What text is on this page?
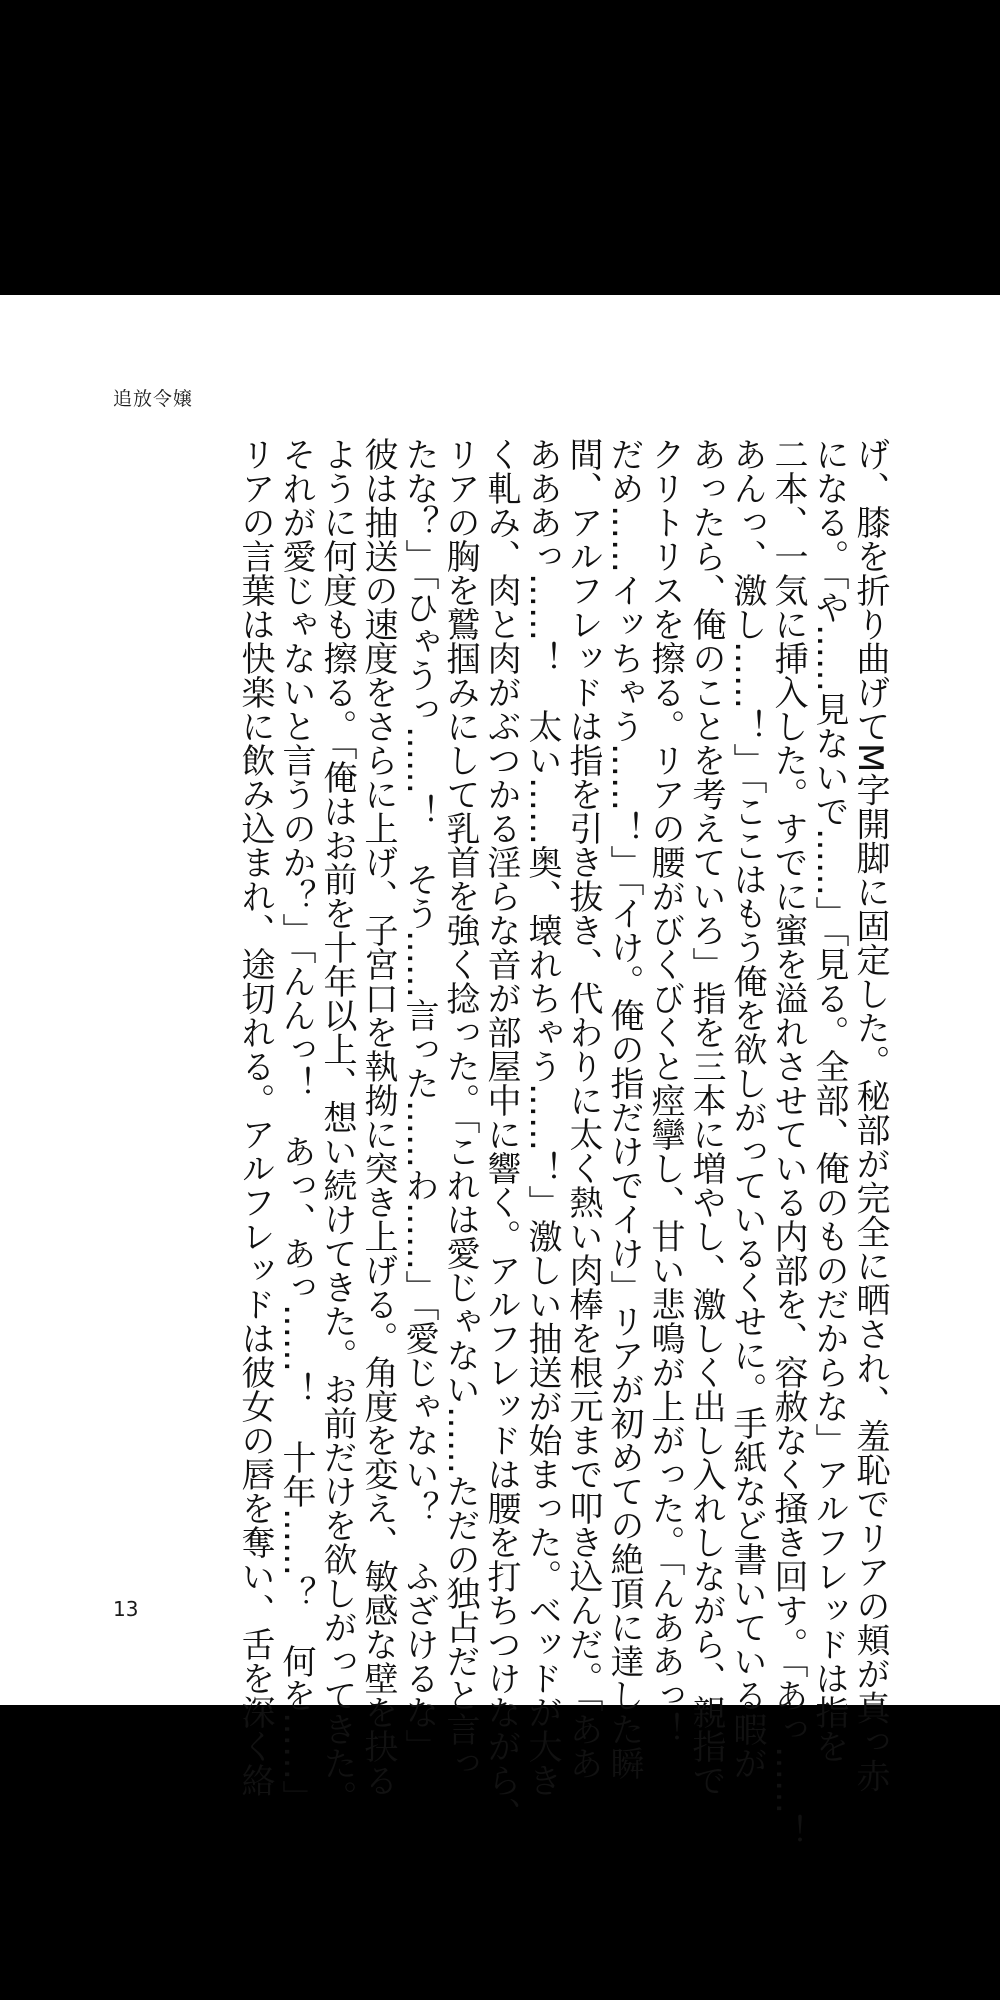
追放令嬢
げ、膝を折り曲げてM字開脚に固定した。秘部が完全に晒され、羞恥でリアの頬が真っ赤
になる。「や……見ないで……」「見る。全部、俺のものだからな」アルフレッドは指を
二本、一気に挿入した。すでに蜜を溢れさせている内部を、容赦なく掻き回す。「あっ……！
あんっ、激し……！」「ここはもう俺を欲しがっているくせに。手紙など書いている暇が
あったら、俺のことを考えていろ」指を三本に増やし、激しく出し入れしながら、親指で
クリトリスを擦る。リアの腰がびくびくと痙攣し、甘い悲鳴が上がった。「んああっ！
だめ……イッちゃう……！」「イけ。俺の指だけでイけ」リアが初めての絶頂に達した瞬
間、アルフレッドは指を引き抜き、代わりに太く熱い肉棒を根元まで叩き込んだ。「ああ
あああっ……！　太い……奥、壊れちゃう……！」激しい抽送が始まった。ベッドが大き
く軋み、肉と肉がぶつかる淫らな音が部屋中に響く。アルフレッドは腰を打ちつけながら、
リアの胸を鷲掴みにして乳首を強く捻った。「これは愛じゃない……ただの独占だと言っ
たな？」「ひゃうっ……！　そう……言った……わ……」「愛じゃない？　ふざけるな」
彼は抽送の速度をさらに上げ、子宮口を執拗に突き上げる。角度を変え、敏感な壁を抉る
ように何度も擦る。「俺はお前を十年以上、想い続けてきた。お前だけを欲しがってきた。
それが愛じゃないと言うのか？」「んんっ！　あっ、あっ……！　十年……？　何を……」
リアの言葉は快楽に飲み込まれ、途切れる。アルフレッドは彼女の唇を奪い、舌を深く絡
13
